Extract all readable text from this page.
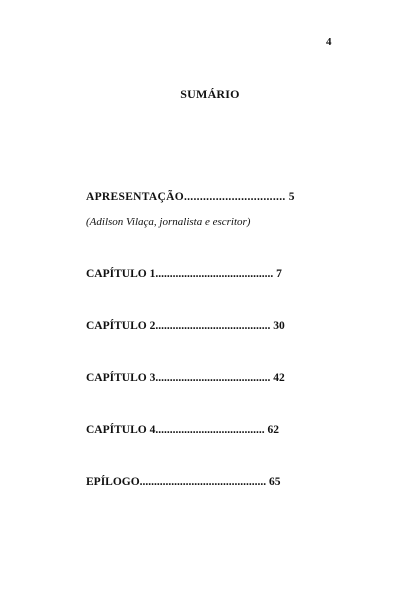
4
SUMÁRIO
APRESENTAÇÃO................................ 5
(Adilson Vilaça, jornalista e escritor)
CAPÍTULO 1......................................... 7
CAPÍTULO 2........................................ 30
CAPÍTULO 3........................................ 42
CAPÍTULO 4...................................... 62
EPÍLOGO............................................ 65
